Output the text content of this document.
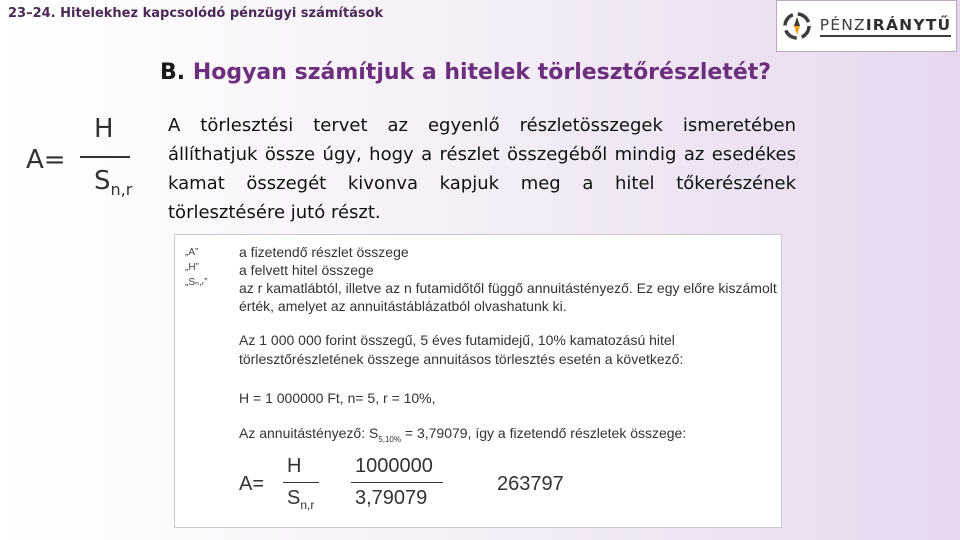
23–24. Hitelekhez kapcsolódó pénzügyi számítások
PÉNZIRÁNYTŰ
B. Hogyan számítjuk a hitelek törlesztőrészletét?
A=
H
$S_{n,r}$

A törlesztési tervet az egyenlő részletösszegek ismeretében állíthatjuk össze úgy, hogy a részlet összegéből mindig az esedékes kamat összegét kivonva kapjuk meg a hitel tőkerészének törlesztésére jutó részt.

„A”
„H”
„Sₙ,ᵣ”

a fizetendő részlet összege

a felvett hitel összege

az r kamatlábtól, illetve az n futamidőtől függő annuitástényező. Ez egy előre kiszámolt érték, amelyet az annuitástáblázatból olvashatunk ki.

Az 1 000 000 forint összegű, 5 éves futamidejű, 10% kamatozású hitel törlesztőrészletének összege annuitásos törlesztés esetén a következő:

H = 1 000000 Ft, n= 5, r = 10%,
Az annuitástényező: $S_{5,10\%} = 3,79079$, így a fizetendő részletek összege:
A=
H
$S_{n,r}$
1000000
3,79079
263797
